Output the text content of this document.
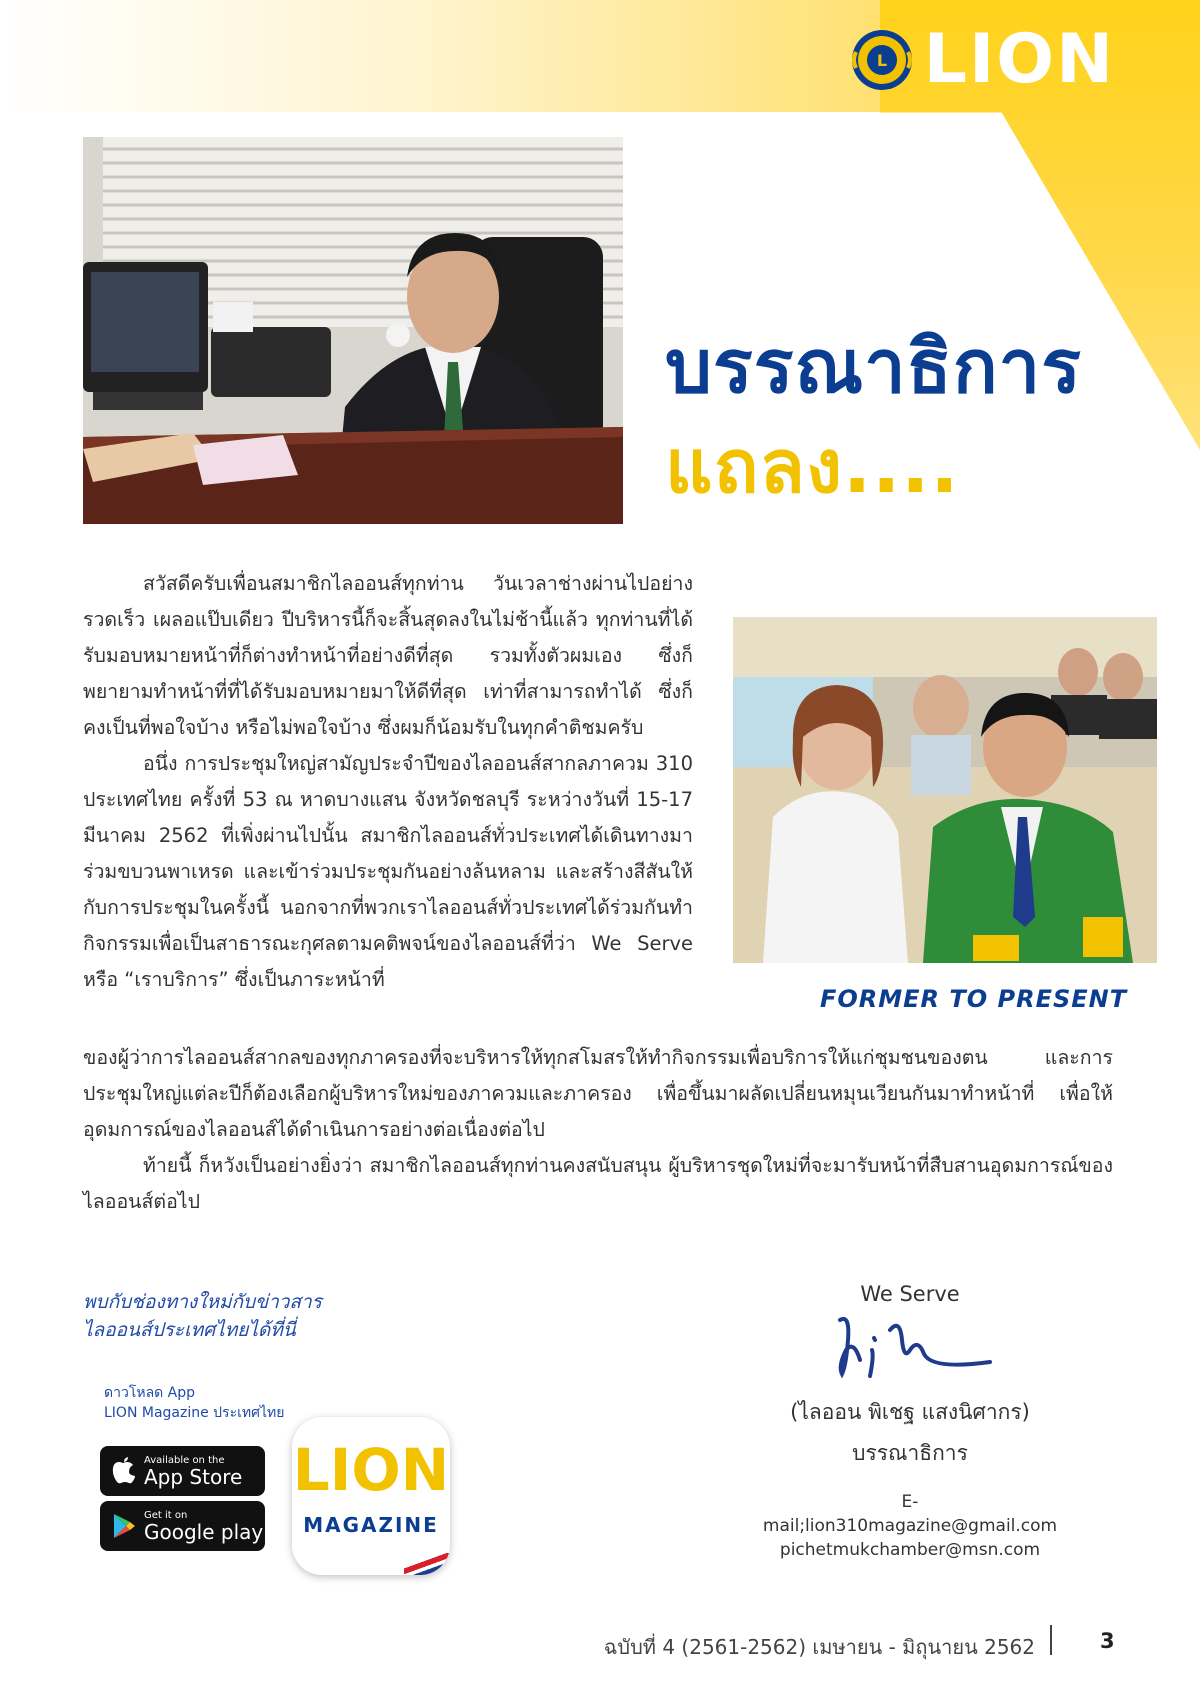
L LION
บรรณาธิการ
แถลง....
FORMER TO PRESENT

สวัสดีครับเพื่อนสมาชิกไลออนส์ทุกท่าน วันเวลาช่างผ่านไปอย่างรวดเร็ว เผลอแป๊บเดียว ปีบริหารนี้ก็จะสิ้นสุดลงในไม่ช้านี้แล้ว ทุกท่านที่ได้รับมอบหมายหน้าที่ก็ต่างทำหน้าที่อย่างดีที่สุด รวมทั้งตัวผมเอง ซึ่งก็พยายามทำหน้าที่ที่ได้รับมอบหมายมาให้ดีที่สุด เท่าที่สามารถทำได้ ซึ่งก็คงเป็นที่พอใจบ้าง หรือไม่พอใจบ้าง ซึ่งผมก็น้อมรับในทุกคำติชมครับ

อนึ่ง การประชุมใหญ่สามัญประจำปีของไลออนส์สากลภาควม 310 ประเทศไทย ครั้งที่ 53 ณ หาดบางแสน จังหวัดชลบุรี ระหว่างวันที่ 15-17 มีนาคม 2562 ที่เพิ่งผ่านไปนั้น สมาชิกไลออนส์ทั่วประเทศได้เดินทางมาร่วมขบวนพาเหรด และเข้าร่วมประชุมกันอย่างล้นหลาม และสร้างสีสันให้กับการประชุมในครั้งนี้ นอกจากที่พวกเราไลออนส์ทั่วประเทศได้ร่วมกันทำกิจกรรมเพื่อเป็นสาธารณะกุศลตามคติพจน์ของไลออนส์ที่ว่า We Serve หรือ “เราบริการ” ซึ่งเป็นภาระหน้าที่

ของผู้ว่าการไลออนส์สากลของทุกภาครองที่จะบริหารให้ทุกสโมสรให้ทำกิจกรรมเพื่อบริการให้แก่ชุมชนของตน และการประชุมใหญ่แต่ละปีก็ต้องเลือกผู้บริหารใหม่ของภาควมและภาครอง เพื่อขึ้นมาผลัดเปลี่ยนหมุนเวียนกันมาทำหน้าที่ เพื่อให้อุดมการณ์ของไลออนส์ได้ดำเนินการอย่างต่อเนื่องต่อไป

ท้ายนี้ ก็หวังเป็นอย่างยิ่งว่า สมาชิกไลออนส์ทุกท่านคงสนับสนุน ผู้บริหารชุดใหม่ที่จะมารับหน้าที่สืบสานอุดมการณ์ของไลออนส์ต่อไป

พบกับช่องทางใหม่กับข่าวสาร
ไลออนส์ประเทศไทยได้ที่นี่
ดาวโหลด App
LION Magazine ประเทศไทย
Available on the
App Store
Get it on
Google play
LION
MAGAZINE
We Serve
(ไลออน พิเชฐ แสงนิศากร)
บรรณาธิการ
E-mail;lion310magazine@gmail.com
pichetmukchamber@msn.com
ฉบับที่ 4 (2561-2562) เมษายน - มิถุนายน 2562	3
